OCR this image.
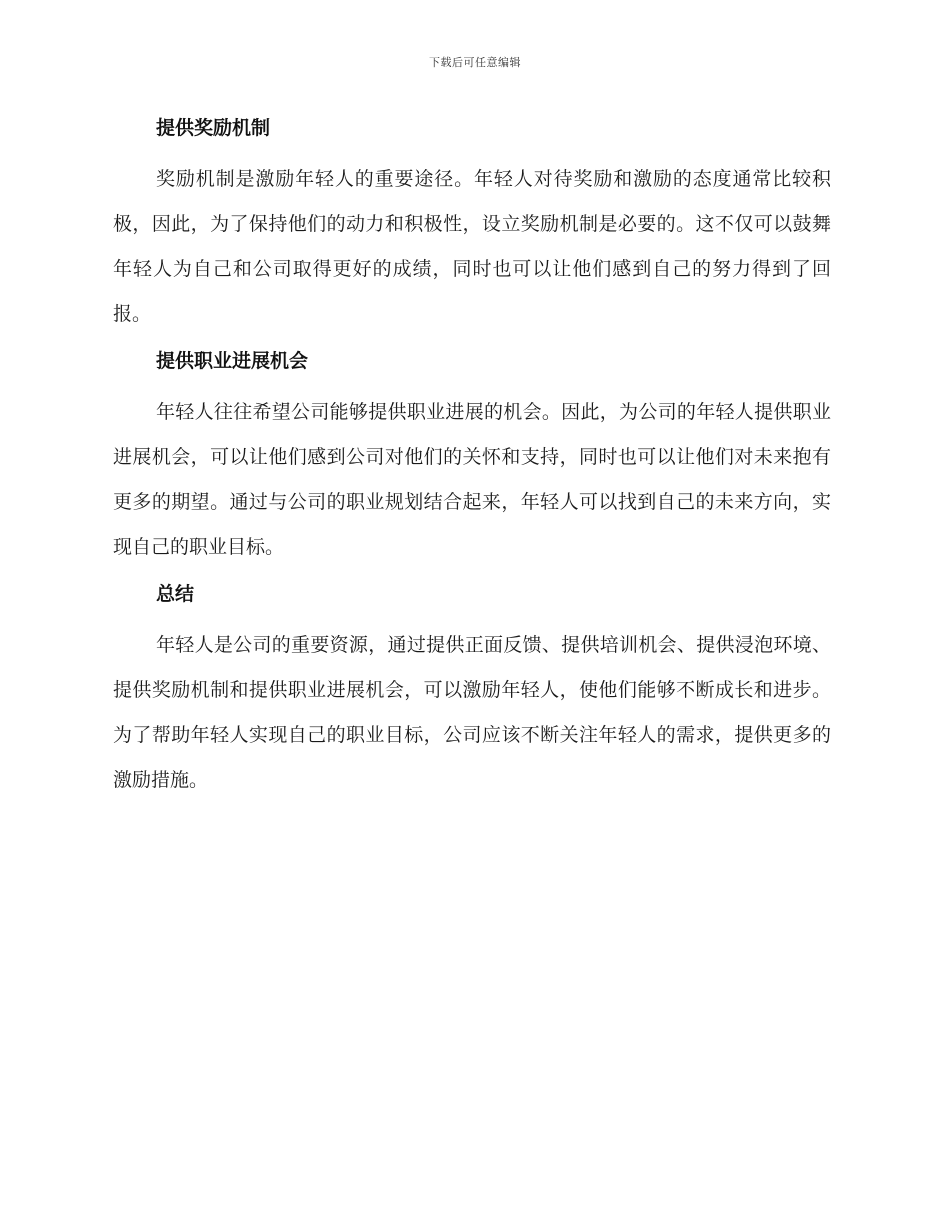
下载后可任意编辑
提供奖励机制

奖励机制是激励年轻人的重要途径。年轻人对待奖励和激励的态度通常比较积极，因此，为了保持他们的动力和积极性，设立奖励机制是必要的。这不仅可以鼓舞年轻人为自己和公司取得更好的成绩，同时也可以让他们感到自己的努力得到了回报。

提供职业进展机会

年轻人往往希望公司能够提供职业进展的机会。因此，为公司的年轻人提供职业进展机会，可以让他们感到公司对他们的关怀和支持，同时也可以让他们对未来抱有更多的期望。通过与公司的职业规划结合起来，年轻人可以找到自己的未来方向，实现自己的职业目标。

总结

年轻人是公司的重要资源，通过提供正面反馈、提供培训机会、提供浸泡环境、提供奖励机制和提供职业进展机会，可以激励年轻人，使他们能够不断成长和进步。为了帮助年轻人实现自己的职业目标，公司应该不断关注年轻人的需求，提供更多的激励措施。
